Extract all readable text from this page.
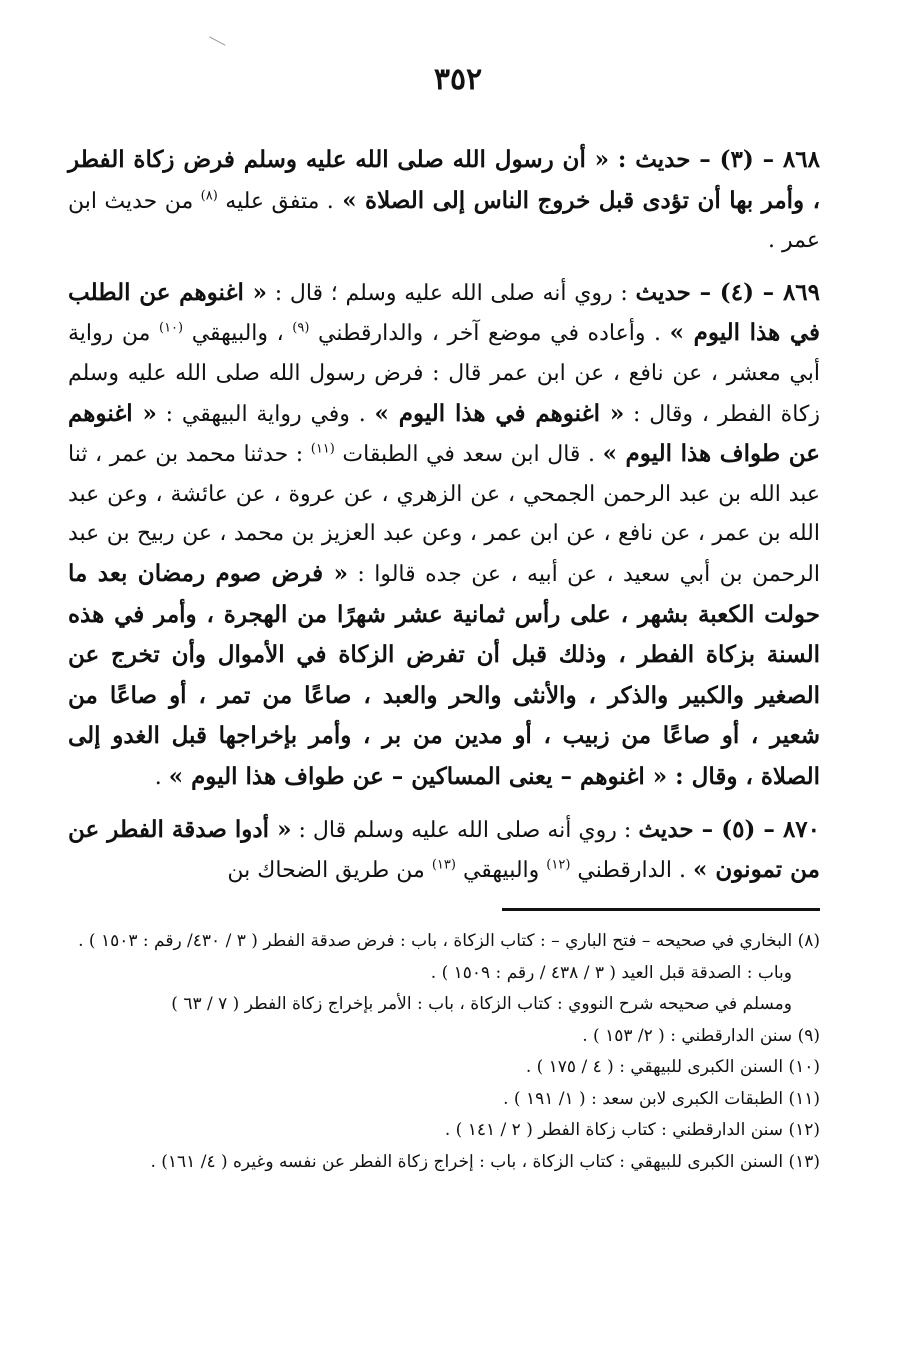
٣٥٢

٨٦٨ – (٣) – حديث : « أن رسول الله صلى الله عليه وسلم فرض زكاة الفطر ، وأمر بها أن تؤدى قبل خروج الناس إلى الصلاة » . متفق عليه $^{(٨)}$ من حديث ابن عمر .

٨٦٩ – (٤) – حديث : روي أنه صلى الله عليه وسلم ؛ قال : « اغنوهم عن الطلب في هذا اليوم » . وأعاده في موضع آخر ، والدارقطني $^{(٩)}$ ، والبيهقي $^{(١٠)}$ من رواية أبي معشر ، عن نافع ، عن ابن عمر قال : فرض رسول الله صلى الله عليه وسلم زكاة الفطر ، وقال : « اغنوهم في هذا اليوم » . وفي رواية البيهقي : « اغنوهم عن طواف هذا اليوم » . قال ابن سعد في الطبقات $^{(١١)}$ : حدثنا محمد بن عمر ، ثنا عبد الله بن عبد الرحمن الجمحي ، عن الزهري ، عن عروة ، عن عائشة ، وعن عبد الله بن عمر ، عن نافع ، عن ابن عمر ، وعن عبد العزيز بن محمد ، عن ربيح بن عبد الرحمن بن أبي سعيد ، عن أبيه ، عن جده قالوا : « فرض صوم رمضان بعد ما حولت الكعبة بشهر ، على رأس ثمانية عشر شهرًا من الهجرة ، وأمر في هذه السنة بزكاة الفطر ، وذلك قبل أن تفرض الزكاة في الأموال وأن تخرج عن الصغير والكبير والذكر ، والأنثى والحر والعبد ، صاعًا من تمر ، أو صاعًا من شعير ، أو صاعًا من زبيب ، أو مدين من بر ، وأمر بإخراجها قبل الغدو إلى الصلاة ، وقال : « اغنوهم – يعنى المساكين – عن طواف هذا اليوم » .

٨٧٠ – (٥) – حديث : روي أنه صلى الله عليه وسلم قال : « أدوا صدقة الفطر عن من تمونون » . الدارقطني $^{(١٢)}$ والبيهقي $^{(١٣)}$ من طريق الضحاك بن

(٨) البخاري في صحيحه – فتح الباري – : كتاب الزكاة ، باب : فرض صدقة الفطر ( ٣ / ٤٣٠/ رقم : ١٥٠٣ ) .

وباب : الصدقة قبل العيد ( ٣ / ٤٣٨ / رقم : ١٥٠٩ ) .

ومسلم في صحيحه شرح النووي : كتاب الزكاة ، باب : الأمر بإخراج زكاة الفطر ( ٧ / ٦٣ )

(٩) سنن الدارقطني : ( ٢/ ١٥٣ ) .

(١٠) السنن الكبرى للبيهقي : ( ٤ / ١٧٥ ) .

(١١) الطبقات الكبرى لابن سعد : ( ١/ ١٩١ ) .

(١٢) سنن الدارقطني : كتاب زكاة الفطر ( ٢ / ١٤١ ) .

(١٣) السنن الكبرى للبيهقي : كتاب الزكاة ، باب : إخراج زكاة الفطر عن نفسه وغيره ( ٤/ ١٦١) .
